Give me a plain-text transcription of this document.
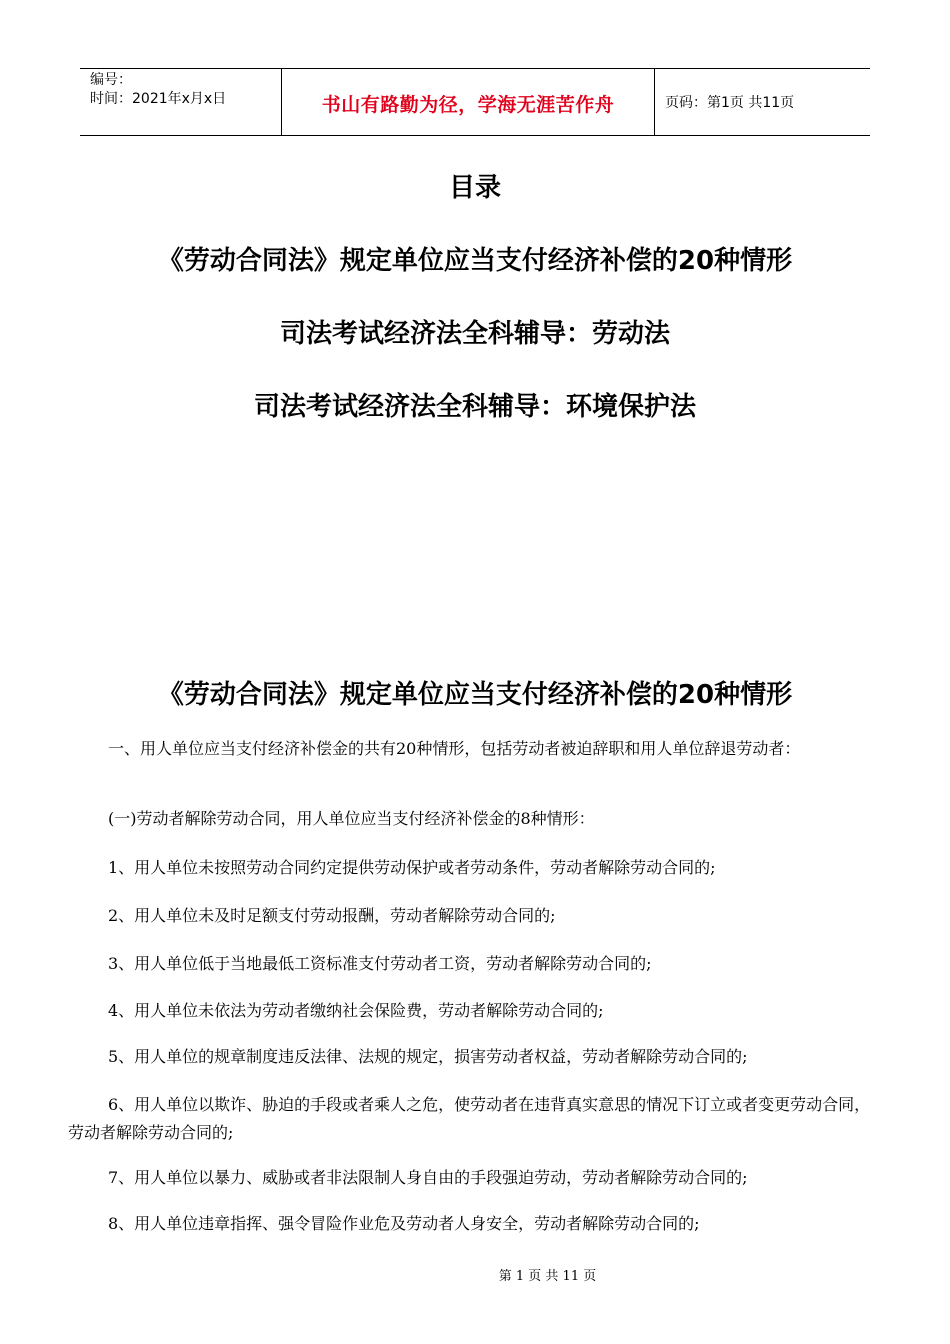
编号：
时间：2021年x月x日	书山有路勤为径，学海无涯苦作舟	页码：第1页 共11页
目录
《劳动合同法》规定单位应当支付经济补偿的20种情形
司法考试经济法全科辅导：劳动法
司法考试经济法全科辅导：环境保护法
《劳动合同法》规定单位应当支付经济补偿的20种情形
一、用人单位应当支付经济补偿金的共有20种情形，包括劳动者被迫辞职和用人单位辞退劳动者：
(一)劳动者解除劳动合同，用人单位应当支付经济补偿金的8种情形：
1、用人单位未按照劳动合同约定提供劳动保护或者劳动条件，劳动者解除劳动合同的;
2、用人单位未及时足额支付劳动报酬，劳动者解除劳动合同的;
3、用人单位低于当地最低工资标准支付劳动者工资，劳动者解除劳动合同的;
4、用人单位未依法为劳动者缴纳社会保险费，劳动者解除劳动合同的;
5、用人单位的规章制度违反法律、法规的规定，损害劳动者权益，劳动者解除劳动合同的;
6、用人单位以欺诈、胁迫的手段或者乘人之危，使劳动者在违背真实意思的情况下订立或者变更劳动合同，劳动者解除劳动合同的;
7、用人单位以暴力、威胁或者非法限制人身自由的手段强迫劳动，劳动者解除劳动合同的;
8、用人单位违章指挥、强令冒险作业危及劳动者人身安全，劳动者解除劳动合同的;
第 1 页 共 11 页
